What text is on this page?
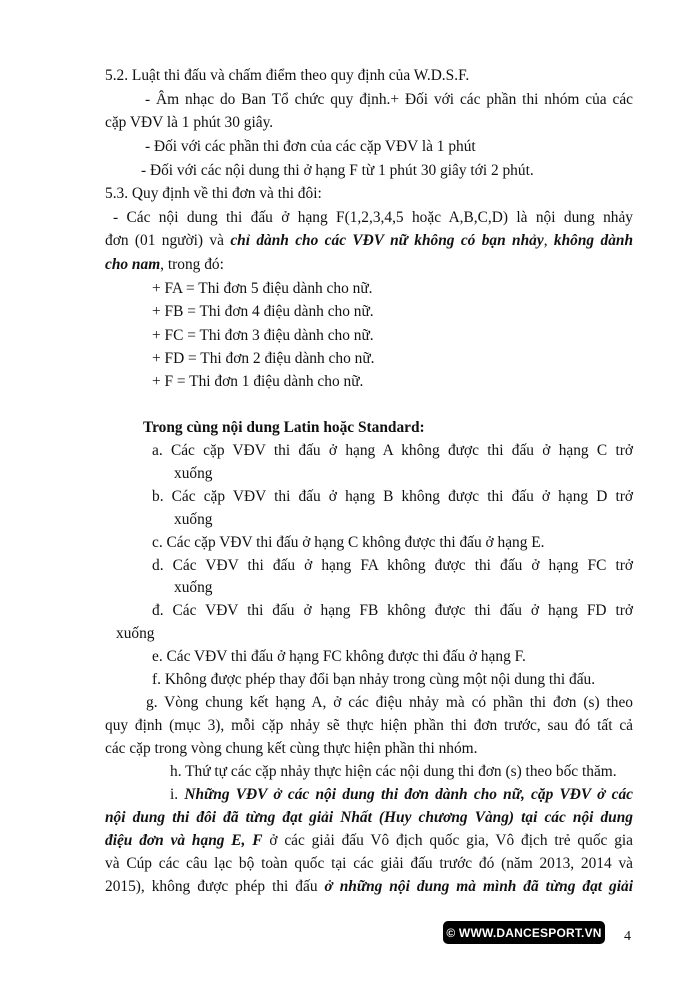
5.2. Luật thi đấu và chấm điểm theo quy định của W.D.S.F.
- Âm nhạc do Ban Tổ chức quy định.+ Đối với các phần thi nhóm của các
cặp VĐV là 1 phút 30 giây.
- Đối với các phần thi đơn của các cặp VĐV là 1 phút
- Đối với các nội dung thi ở hạng F từ 1 phút 30 giây tới 2 phút.
5.3. Quy định về thi đơn và thi đôi:
- Các nội dung thi đấu ở hạng F(1,2,3,4,5 hoặc A,B,C,D) là nội dung nhảy
đơn (01 người) và chỉ dành cho các VĐV nữ không có bạn nhảy, không dành
cho nam, trong đó:
+ FA = Thi đơn 5 điệu dành cho nữ.
+ FB = Thi đơn 4 điệu dành cho nữ.
+ FC = Thi đơn 3 điệu dành cho nữ.
+ FD = Thi đơn 2 điệu dành cho nữ.
+ F = Thi đơn 1 điệu dành cho nữ.
Trong cùng nội dung Latin hoặc Standard:
a. Các cặp VĐV thi đấu ở hạng A không được thi đấu ở hạng C trở
xuống
b. Các cặp VĐV thi đấu ở hạng B không được thi đấu ở hạng D trở
xuống
c. Các cặp VĐV thi đấu ở hạng C không được thi đấu ở hạng E.
d. Các VĐV thi đấu ở hạng FA không được thi đấu ở hạng FC trở
xuống
đ. Các VĐV thi đấu ở hạng FB không được thi đấu ở hạng FD trở
xuống
e. Các VĐV thi đấu ở hạng FC không được thi đấu ở hạng F.
f. Không được phép thay đổi bạn nhảy trong cùng một nội dung thi đấu.
g. Vòng chung kết hạng A, ở các điệu nhảy mà có phần thi đơn (s) theo
quy định (mục 3), mỗi cặp nhảy sẽ thực hiện phần thi đơn trước, sau đó tất cả
các cặp trong vòng chung kết cùng thực hiện phần thi nhóm.
h. Thứ tự các cặp nhảy thực hiện các nội dung thi đơn (s) theo bốc thăm.
i. Những VĐV ở các nội dung thi đơn dành cho nữ, cặp VĐV ở các
nội dung thi đôi đã từng đạt giải Nhất (Huy chương Vàng) tại các nội dung
điệu đơn và hạng E, F ở các giải đấu Vô địch quốc gia, Vô địch trẻ quốc gia
và Cúp các câu lạc bộ toàn quốc tại các giải đấu trước đó (năm 2013, 2014 và
2015), không được phép thi đấu ở những nội dung mà mình đã từng đạt giải
© WWW.DANCESPORT.VN 4
